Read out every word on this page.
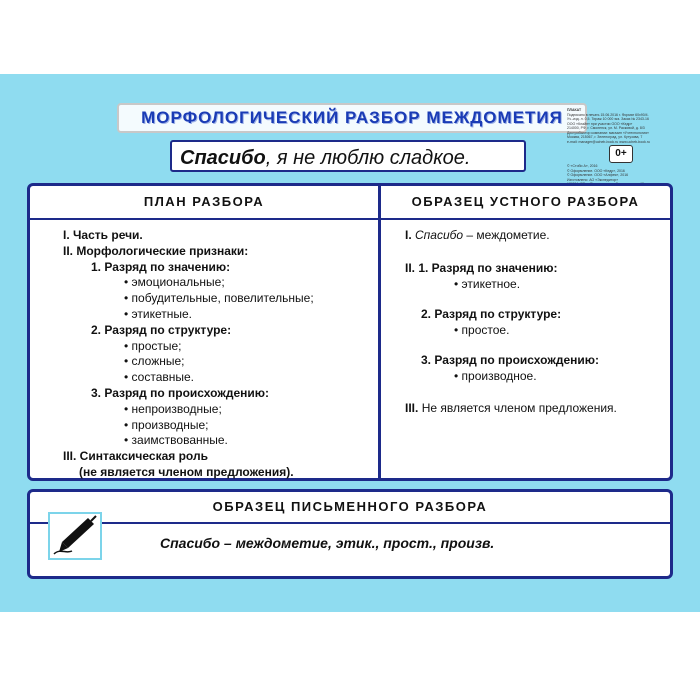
МОРФОЛОГИЧЕСКИЙ РАЗБОР МЕЖДОМЕТИЯ
Спасибо, я не люблю сладкое.
ПЛАКАТ
Подписано в печать 15.06.2016 г. Формат 60х90/4.
Уч.-изд. л. 0,5. Тираж 10 000 экз. Заказ № 2343-16
ООО «Клайн» при участии ООО «Кедр»
214000, РФ, г. Смоленск, ул. М. Расковой, д. 8/3
Дистрибьютор компании: магазин «Учтехнология»
Москва, 215067, г. Зеленоград, ул. Кутузова, 7
e-mail: manager@ucheb-book.ru www.ucheb-book.ru
0+
© «Стоби А», 2016
© Оформление. ООО «Кедр», 2016
© Оформление. ООО «Алфея», 2016
Изготовлено: АО «Экспедитор»
ПЛАН РАЗБОРА	ОБРАЗЕЦ УСТНОГО РАЗБОРА
I. Часть речи.
II. Морфологические признаки:
1. Разряд по значению:
• эмоциональные;
• побудительные, повелительные;
• этикетные.
2. Разряд по структуре:
• простые;
• сложные;
• составные.
3. Разряд по происхождению:
• непроизводные;
• производные;
• заимствованные.
III. Синтаксическая роль
(не является членом предложения).
I. Спасибо – междометие.
II. 1. Разряд по значению:
• этикетное.
2. Разряд по структуре:
• простое.
3. Разряд по происхождению:
• производное.
III. Не является членом предложения.
ОБРАЗЕЦ ПИСЬМЕННОГО РАЗБОРА
Спасибо – междометие, этик., прост., произв.
